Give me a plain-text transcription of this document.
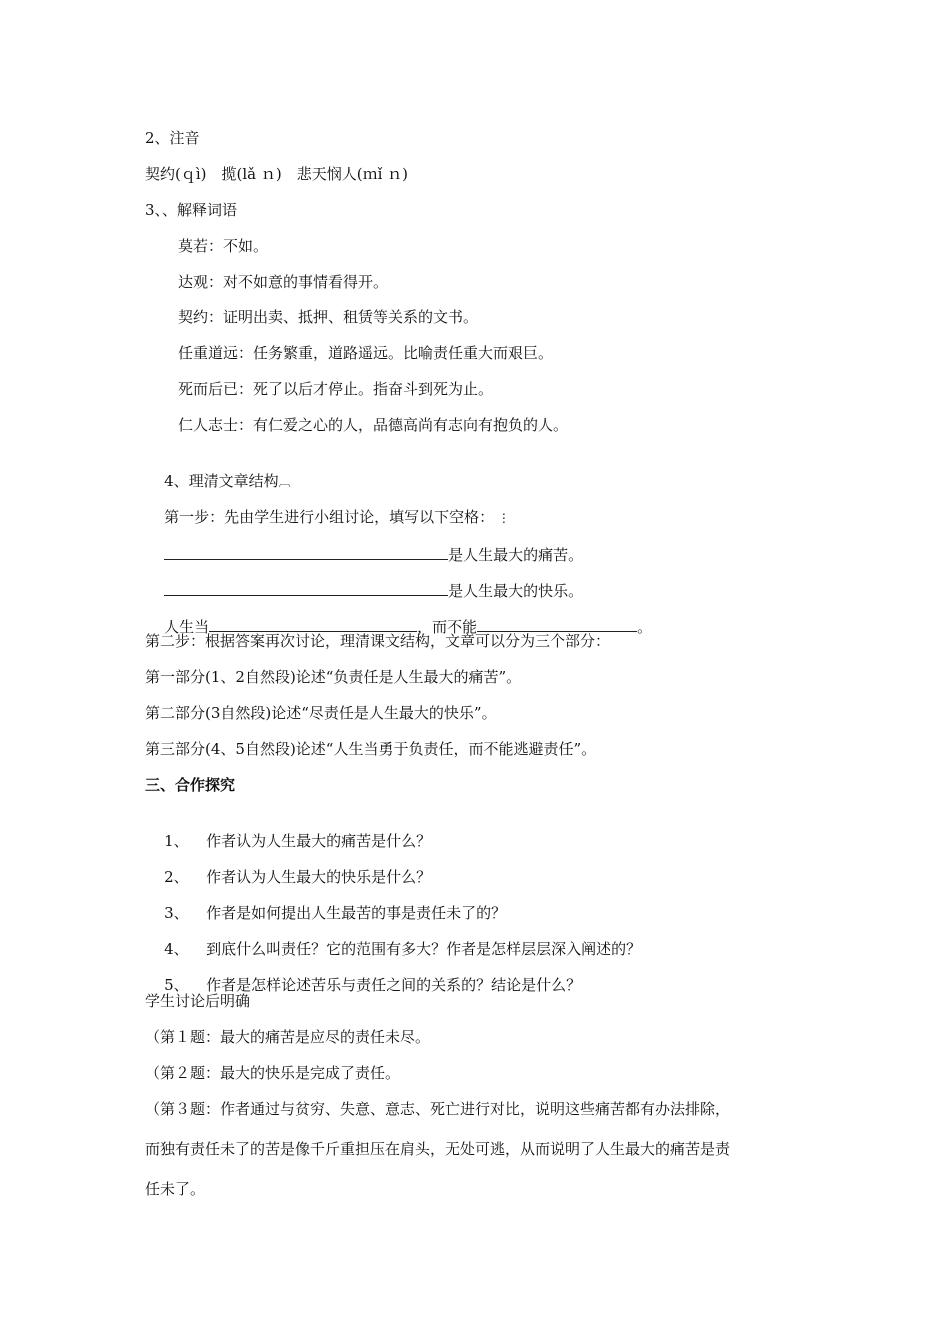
2、注音
契约(ｑì)　揽(lǎ ｎ)　悲天悯人(ｍǐ ｎ)
3、、解释词语
莫若：不如。
达观：对不如意的事情看得开。
契约：证明出卖、抵押、租赁等关系的文书。
任重道远：任务繁重，道路遥远。比喻责任重大而艰巨。
死而后已：死了以后才停止。指奋斗到死为止。
仁人志士：有仁爱之心的人，品德高尚有志向有抱负的人。

4、理清文章结构︹

第一步：先由学生进行小组讨论，填写以下空格： ⋮

是人生最大的痛苦。

是人生最大的快乐。

人生当	，而不能	。

第二步：根据答案再次讨论，理清课文结构，文章可以分为三个部分：
第一部分(1、2自然段)论述“负责任是人生最大的痛苦”。
第二部分(3自然段)论述“尽责任是人生最大的快乐”。
第三部分(4、5自然段)论述“人生当勇于负责任，而不能逃避责任”。
三、合作探究

1、 作者认为人生最大的痛苦是什么？

2、 作者认为人生最大的快乐是什么？

3、 作者是如何提出人生最苦的事是责任未了的？

4、 到底什么叫责任？它的范围有多大？作者是怎样层层深入阐述的？

5、 作者是怎样论述苦乐与责任之间的关系的？结论是什么？

学生讨论后明确
（第１题：最大的痛苦是应尽的责任未尽。
（第２题：最大的快乐是完成了责任。
（第３题：作者通过与贫穷、失意、意志、死亡进行对比，说明这些痛苦都有办法排除，
而独有责任未了的苦是像千斤重担压在肩头，无处可逃，从而说明了人生最大的痛苦是责
任未了。
